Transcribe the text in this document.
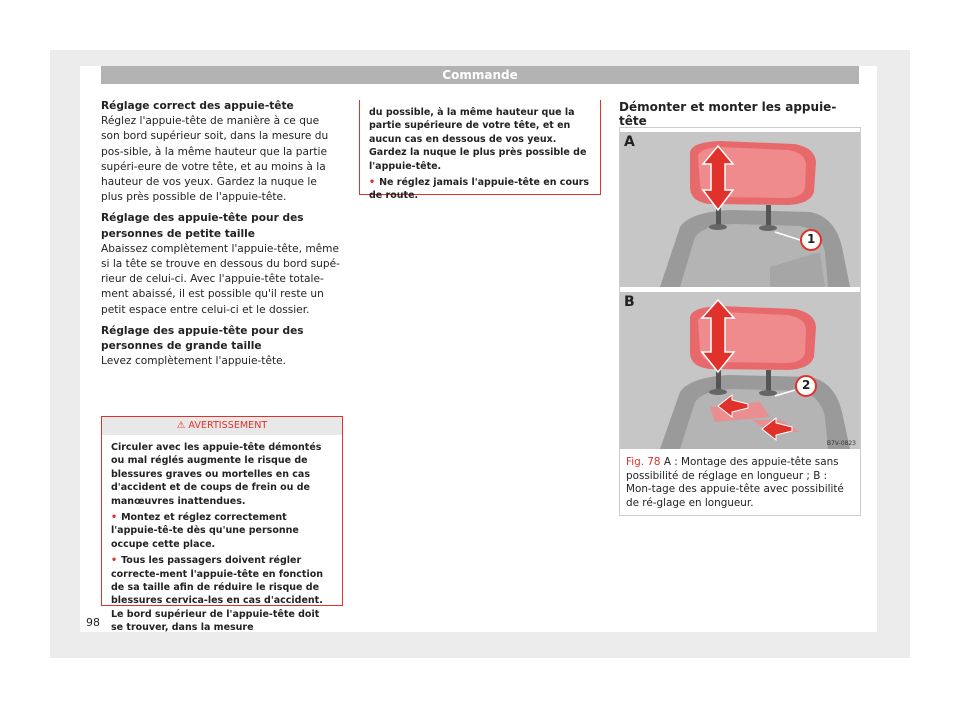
Commande

Réglage correct des appuie-tête

Réglez l'appuie-tête de manière à ce que son bord supérieur soit, dans la mesure du pos-sible, à la même hauteur que la partie supéri-eure de votre tête, et au moins à la hauteur de vos yeux. Gardez la nuque le plus près possible de l'appuie-tête.

Réglage des appuie-tête pour des personnes de petite taille

Abaissez complètement l'appuie-tête, même si la tête se trouve en dessous du bord supé-rieur de celui-ci. Avec l'appuie-tête totale-ment abaissé, il est possible qu'il reste un petit espace entre celui-ci et le dossier.

Réglage des appuie-tête pour des personnes de grande taille

Levez complètement l'appuie-tête.

⚠ AVERTISSEMENT

Circuler avec les appuie-tête démontés ou mal réglés augmente le risque de blessures graves ou mortelles en cas d'accident et de coups de frein ou de manœuvres inattendues.

• Montez et réglez correctement l'appuie-tê-te dès qu'une personne occupe cette place.

• Tous les passagers doivent régler correcte-ment l'appuie-tête en fonction de sa taille afin de réduire le risque de blessures cervica-les en cas d'accident. Le bord supérieur de l'appuie-tête doit se trouver, dans la mesure

du possible, à la même hauteur que la partie supérieure de votre tête, et en aucun cas en dessous de vos yeux. Gardez la nuque le plus près possible de l'appuie-tête.

• Ne réglez jamais l'appuie-tête en cours de route.

Démonter et monter les appuie-tête
A
1
B
2
B7V-0823
Fig. 78 A : Montage des appuie-tête sans possibilité de réglage en longueur ; B : Mon-tage des appuie-tête avec possibilité de ré-glage en longueur.
98
